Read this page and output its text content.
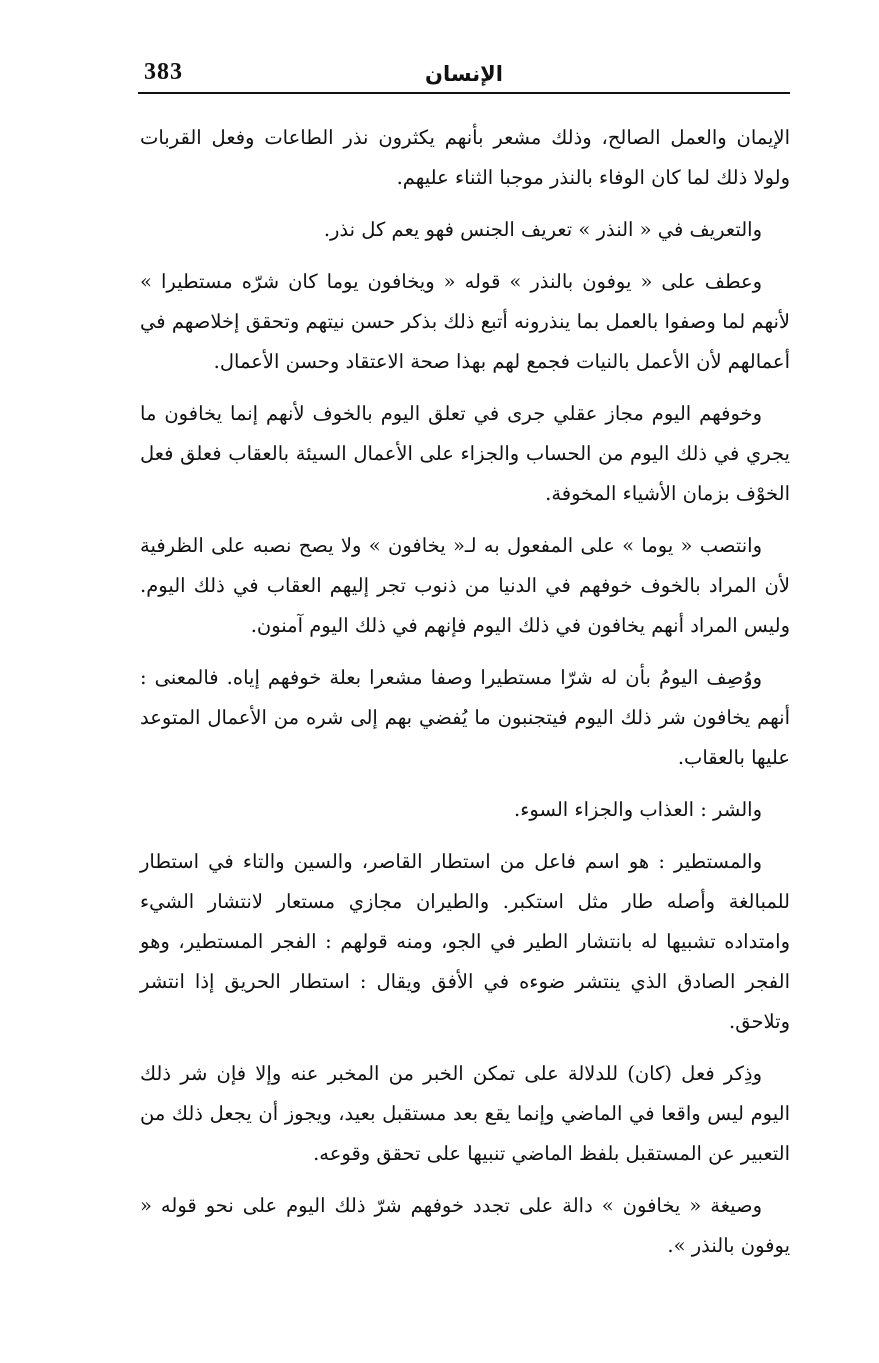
383	الإنسان

الإيمان والعمل الصالح، وذلك مشعر بأنهم يكثرون نذر الطاعات وفعل القربات ولولا ذلك لما كان الوفاء بالنذر موجبا الثناء عليهم.

والتعريف في « النذر » تعريف الجنس فهو يعم كل نذر.

وعطف على « يوفون بالنذر » قوله « ويخافون يوما كان شرّه مستطيرا » لأنهم لما وصفوا بالعمل بما ينذرونه أتبع ذلك بذكر حسن نيتهم وتحقق إخلاصهم في أعمالهم لأن الأعمل بالنيات فجمع لهم بهذا صحة الاعتقاد وحسن الأعمال.

وخوفهم اليوم مجاز عقلي جرى في تعلق اليوم بالخوف لأنهم إنما يخافون ما يجري في ذلك اليوم من الحساب والجزاء على الأعمال السيئة بالعقاب فعلق فعل الخوْف بزمان الأشياء المخوفة.

وانتصب « يوما » على المفعول به لـ« يخافون » ولا يصح نصبه على الظرفية لأن المراد بالخوف خوفهم في الدنيا من ذنوب تجر إليهم العقاب في ذلك اليوم. وليس المراد أنهم يخافون في ذلك اليوم فإنهم في ذلك اليوم آمنون.

ووُصِف اليومُ بأن له شرّا مستطيرا وصفا مشعرا بعلة خوفهم إياه. فالمعنى : أنهم يخافون شر ذلك اليوم فيتجنبون ما يُفضي بهم إلى شره من الأعمال المتوعد عليها بالعقاب.

والشر : العذاب والجزاء السوء.

والمستطير : هو اسم فاعل من استطار القاصر، والسين والتاء في استطار للمبالغة وأصله طار مثل استكبر. والطيران مجازي مستعار لانتشار الشيء وامتداده تشبيها له بانتشار الطير في الجو، ومنه قولهم : الفجر المستطير، وهو الفجر الصادق الذي ينتشر ضوءه في الأفق ويقال : استطار الحريق إذا انتشر وتلاحق.

وذِكر فعل (كان) للدلالة على تمكن الخبر من المخبر عنه وإلا فإن شر ذلك اليوم ليس واقعا في الماضي وإنما يقع بعد مستقبل بعيد، ويجوز أن يجعل ذلك من التعبير عن المستقبل بلفظ الماضي تنبيها على تحقق وقوعه.

وصيغة « يخافون » دالة على تجدد خوفهم شرّ ذلك اليوم على نحو قوله « يوفون بالنذر ».
